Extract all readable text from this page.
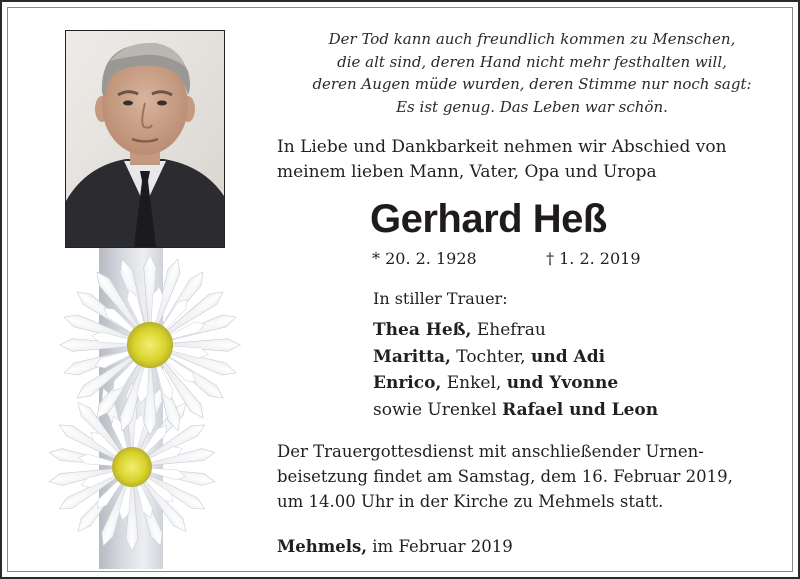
Der Tod kann auch freundlich kommen zu Menschen,
die alt sind, deren Hand nicht mehr festhalten will,
deren Augen müde wurden, deren Stimme nur noch sagt:
Es ist genug. Das Leben war schön.
In Liebe und Dankbarkeit nehmen wir Abschied von
meinem lieben Mann, Vater, Opa und Uropa
Gerhard Heß
* 20. 2. 1928	† 1. 2. 2019
In stiller Trauer:
Thea Heß, Ehefrau
Maritta, Tochter, und Adi
Enrico, Enkel, und Yvonne
sowie Urenkel Rafael und Leon
Der Trauergottesdienst mit anschließender Urnen-
beisetzung findet am Samstag, dem 16. Februar 2019,
um 14.00 Uhr in der Kirche zu Mehmels statt.
Mehmels, im Februar 2019
